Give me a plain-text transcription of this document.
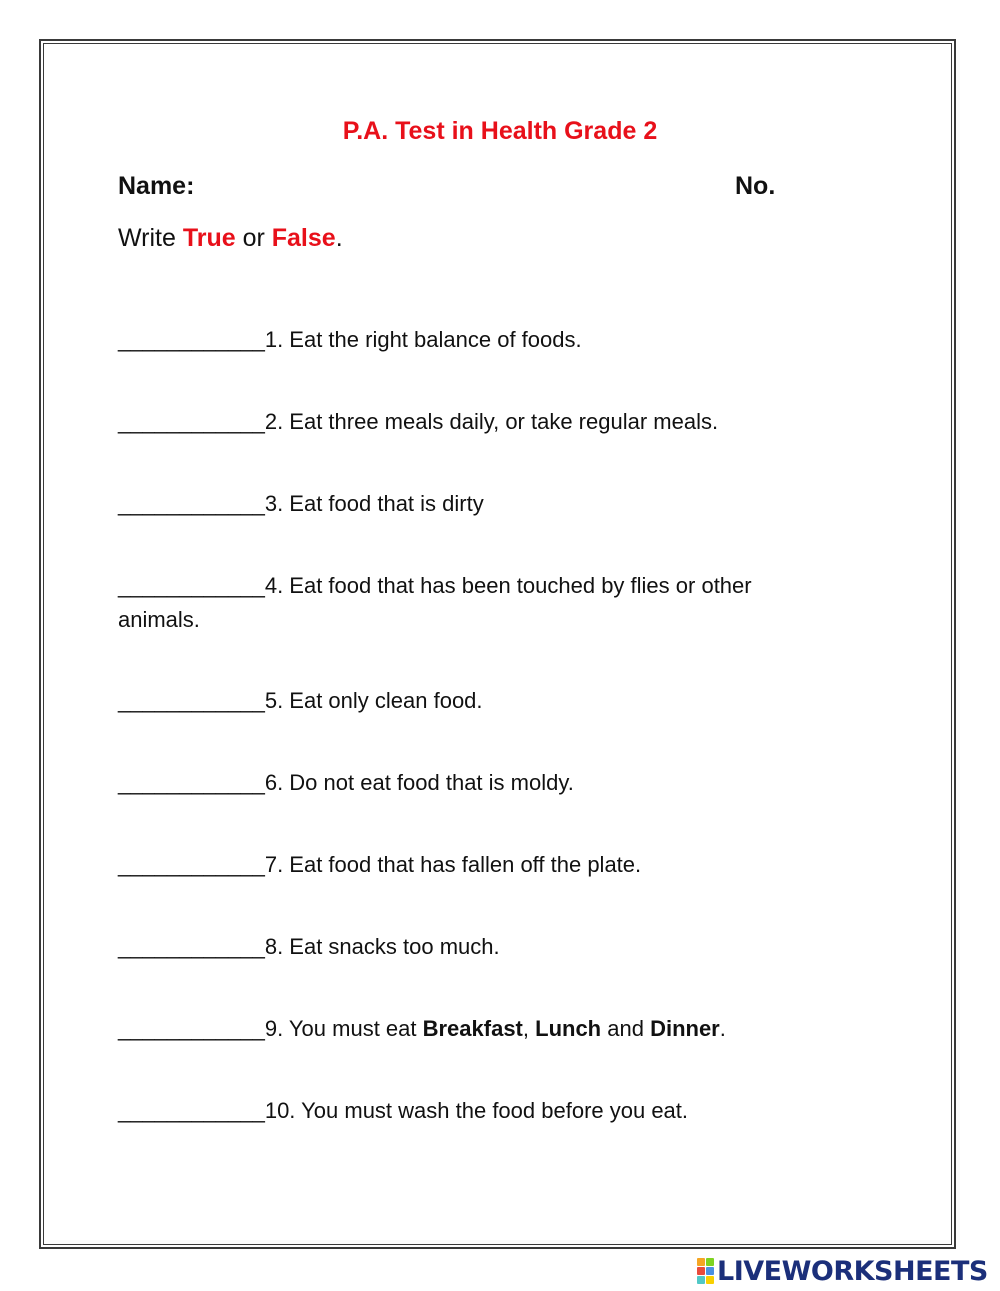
P.A. Test in Health Grade 2
Name:	No.
Write True or False.
____________1. Eat the right balance of foods.
____________2. Eat three meals daily, or take regular meals.
____________3. Eat food that is dirty
____________4. Eat food that has been touched by flies or other animals.
____________5. Eat only clean food.
____________6. Do not eat food that is moldy.
____________7. Eat food that has fallen off the plate.
____________8. Eat snacks too much.
____________9. You must eat Breakfast, Lunch and Dinner.
____________10. You must wash the food before you eat.
LIVEWORKSHEETS
